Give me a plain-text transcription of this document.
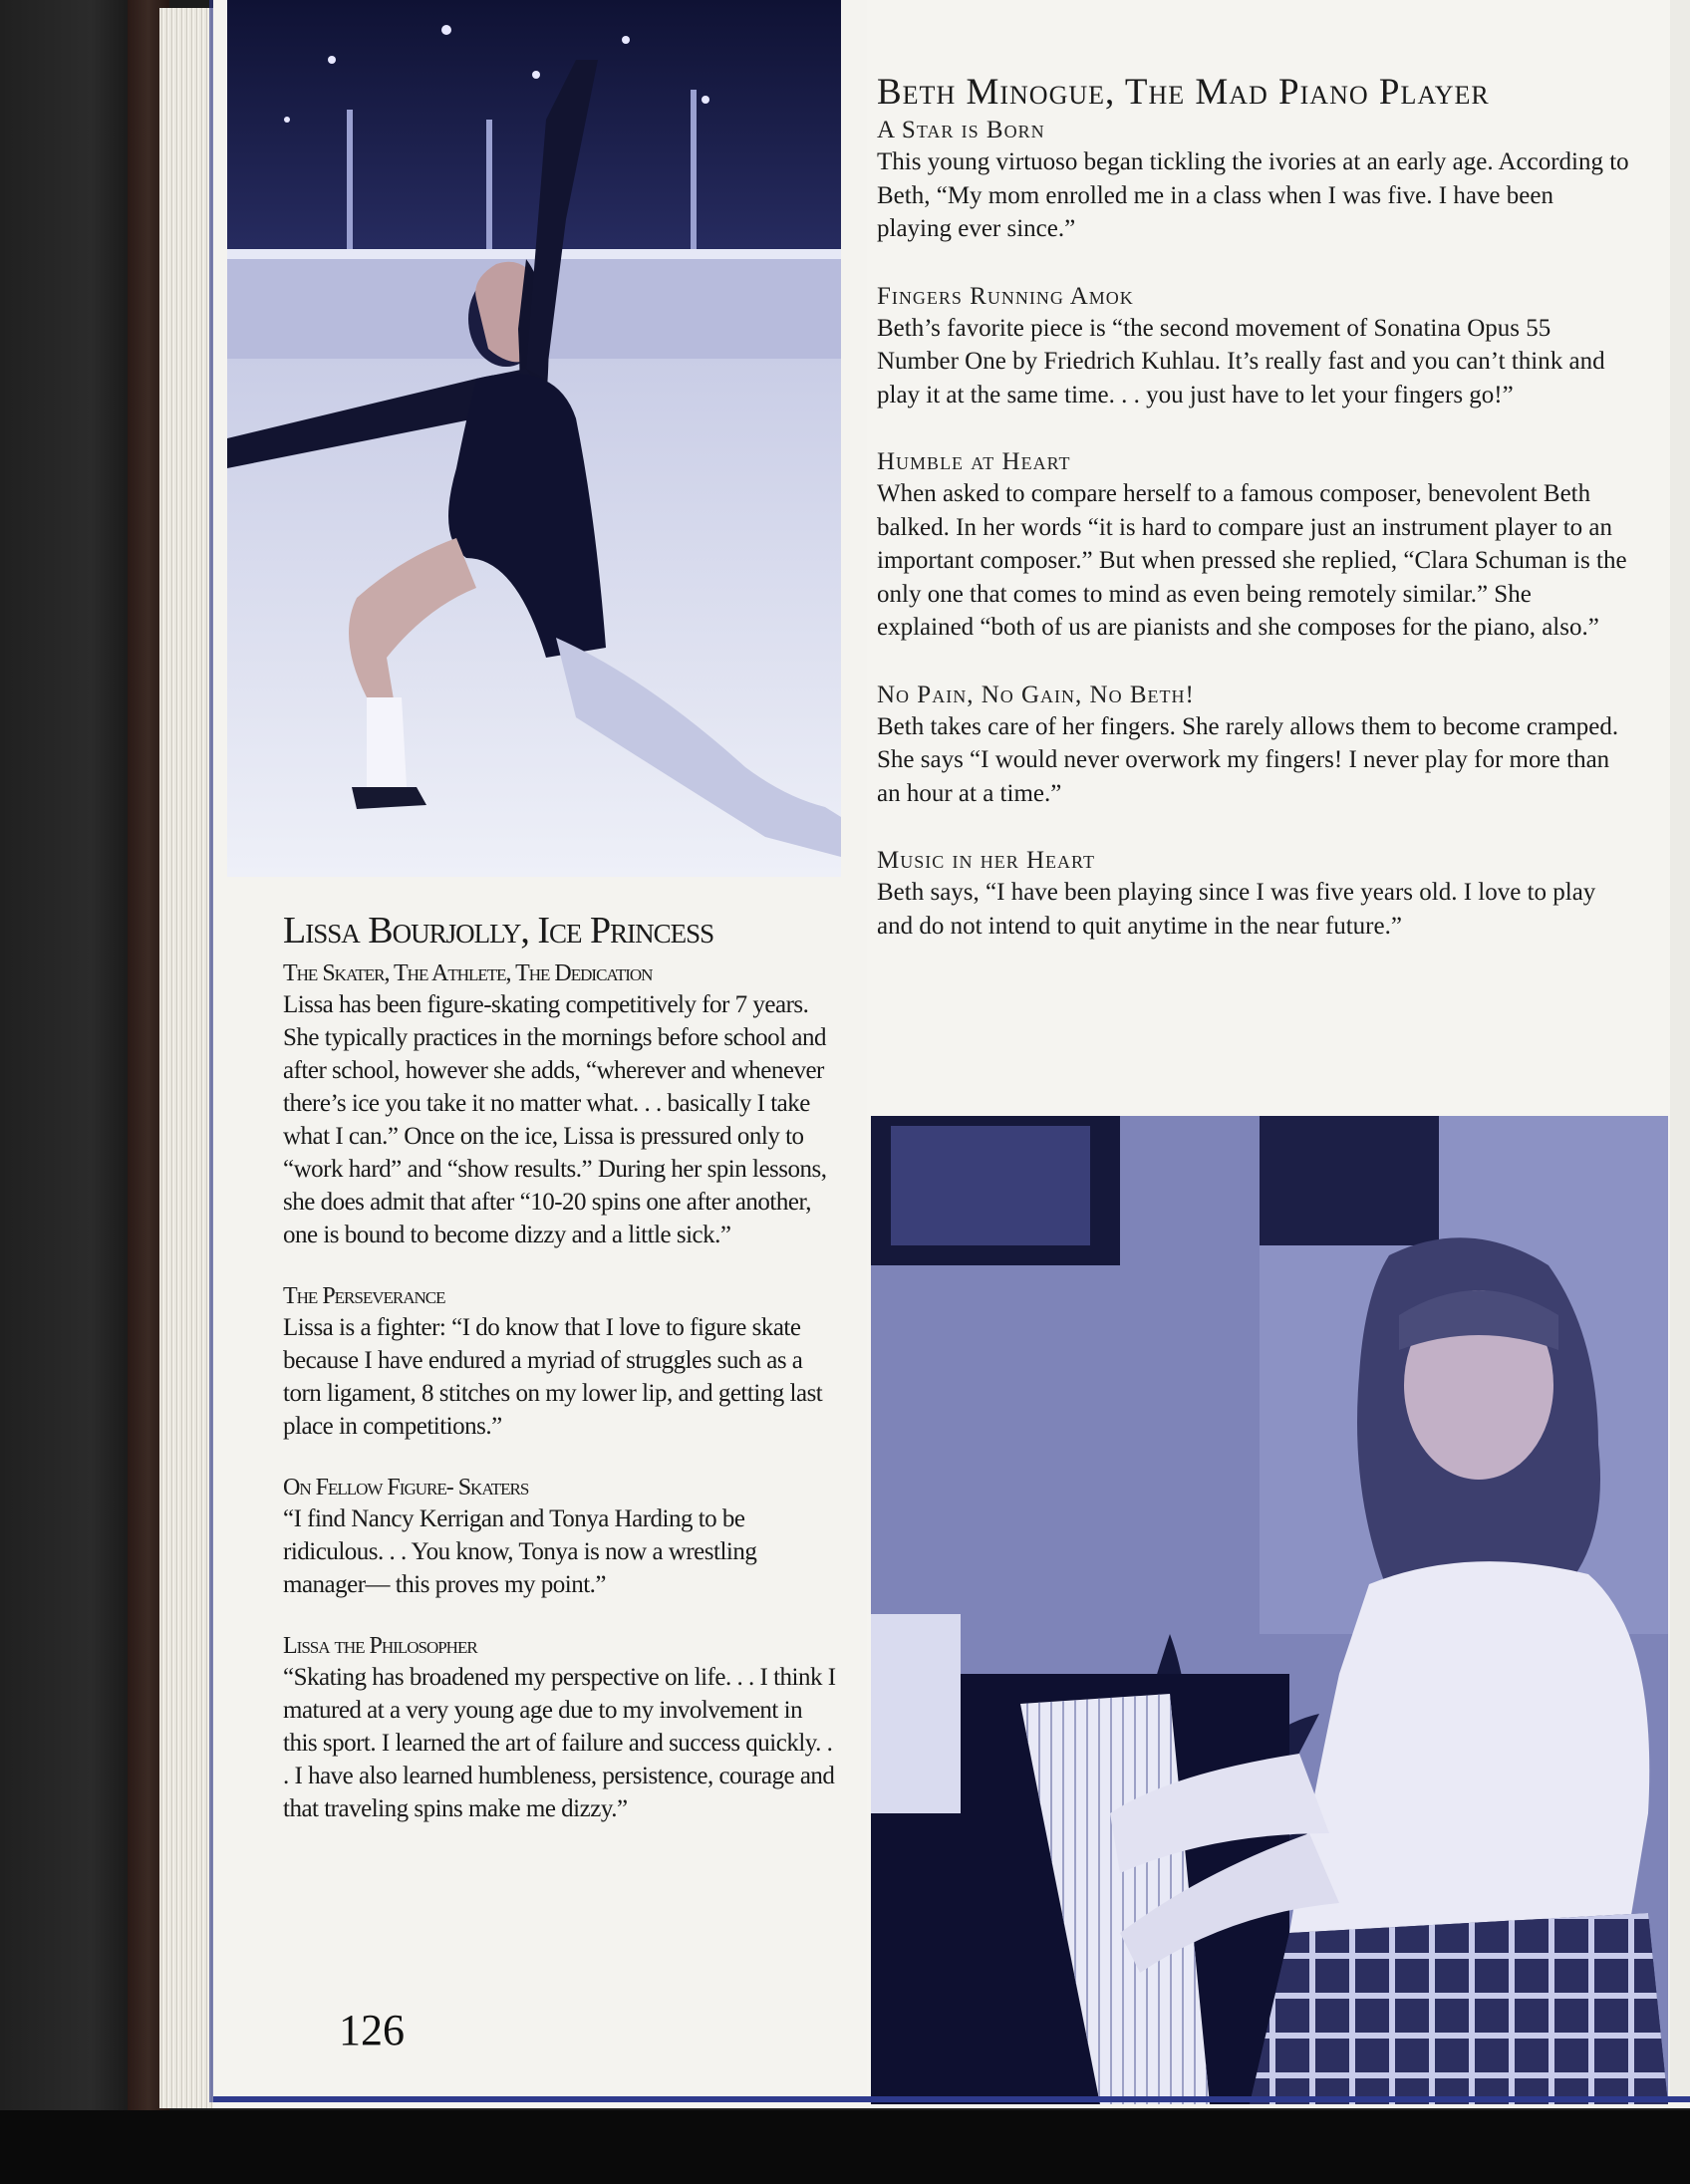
Lissa Bourjolly, Ice Princess

The Skater, The Athlete, The Dedication

Lissa has been figure-skating competitively for 7 years. She typically practices in the mornings before school and after school, however she adds, “wherever and whenever there’s ice you take it no matter what. . . basically I take what I can.” Once on the ice, Lissa is pressured only to “work hard” and “show results.” During her spin lessons, she does admit that after “10-20 spins one after another, one is bound to become dizzy and a little sick.”

The Perseverance

Lissa is a fighter: “I do know that I love to figure skate because I have endured a myriad of struggles such as a torn ligament, 8 stitches on my lower lip, and getting last place in competitions.”

On Fellow Figure- Skaters

“I find Nancy Kerrigan and Tonya Harding to be ridiculous. . . You know, Tonya is now a wrestling manager— this proves my point.”

Lissa the Philosopher

“Skating has broadened my perspective on life. . . I think I matured at a very young age due to my involvement in this sport. I learned the art of failure and success quickly. . . I have also learned humbleness, persistence, courage and that traveling spins make me dizzy.”

Beth Minogue, The Mad Piano Player

A Star is Born

This young virtuoso began tickling the ivories at an early age. According to Beth, “My mom enrolled me in a class when I was five. I have been playing ever since.”

Fingers Running Amok

Beth’s favorite piece is “the second movement of Sonatina Opus 55 Number One by Friedrich Kuhlau. It’s really fast and you can’t think and play it at the same time. . . you just have to let your fingers go!”

Humble at Heart

When asked to compare herself to a famous composer, benevolent Beth balked. In her words “it is hard to compare just an instrument player to an important composer.” But when pressed she replied, “Clara Schuman is the only one that comes to mind as even being remotely similar.” She explained “both of us are pianists and she composes for the piano, also.”

No Pain, No Gain, No Beth!

Beth takes care of her fingers. She rarely allows them to become cramped. She says “I would never overwork my fingers! I never play for more than an hour at a time.”

Music in her Heart

Beth says, “I have been playing since I was five years old. I love to play and do not intend to quit anytime in the near future.”

126
